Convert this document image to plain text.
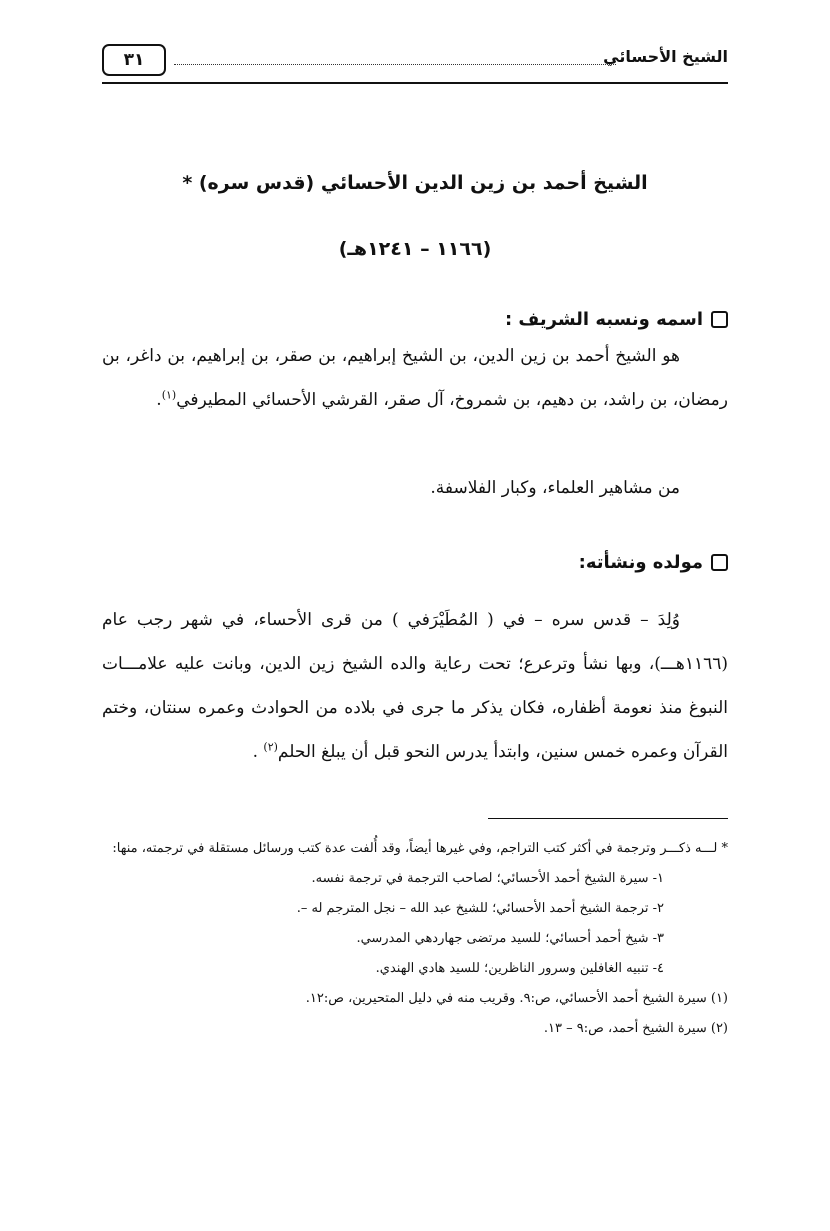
الشيخ الأحسائي
٣١
الشيخ أحمد بن زين الدين الأحسائي (قدس سره) *
(١١٦٦ – ١٢٤١هـ)
اسمه ونسبه الشريف :

هو الشيخ أحمد بن زين الدين، بن الشيخ إبراهيم، بن صقر، بن إبراهيم، بن داغر، بن رمضان، بن راشد، بن دهيم، بن شمروخ، آل صقر، القرشي الأحسائي المطيرفي$^{(١)}$.

من مشاهير العلماء، وكبار الفلاسفة.

مولده ونشأته:

وُلِدَ – قدس سره – في ( المُطَيْرَفي ) من قرى الأحساء، في شهر رجب عام (١١٦٦هـــ)، وبها نشأ وترعرع؛ تحت رعاية والده الشيخ زين الدين، وبانت عليه علامـــات النبوغ منذ نعومة أظفاره، فكان يذكر ما جرى في بلاده من الحوادث وعمره سنتان، وختم القرآن وعمره خمس سنين، وابتدأ يدرس النحو قبل أن يبلغ الحلم$^{(٢)}$ .

* لـــه ذكـــر وترجمة في أكثر كتب التراجم، وفي غيرها أيضاً، وقد أُلفت عدة كتب ورسائل مستقلة في ترجمته، منها:

١- سيرة الشيخ أحمد الأحسائي؛ لصاحب الترجمة في ترجمة نفسه.
٢- ترجمة الشيخ أحمد الأحسائي؛ للشيخ عبد الله – نجل المترجم له –.
٣- شيخ أحمد أحسائي؛ للسيد مرتضى جهاردهي المدرسي.
٤- تنبيه الغافلين وسرور الناظرين؛ للسيد هادي الهندي.

(١) سيرة الشيخ أحمد الأحسائي، ص:٩. وقريب منه في دليل المتحيرين، ص:١٢.

(٢) سيرة الشيخ أحمد، ص:٩ – ١٣.
